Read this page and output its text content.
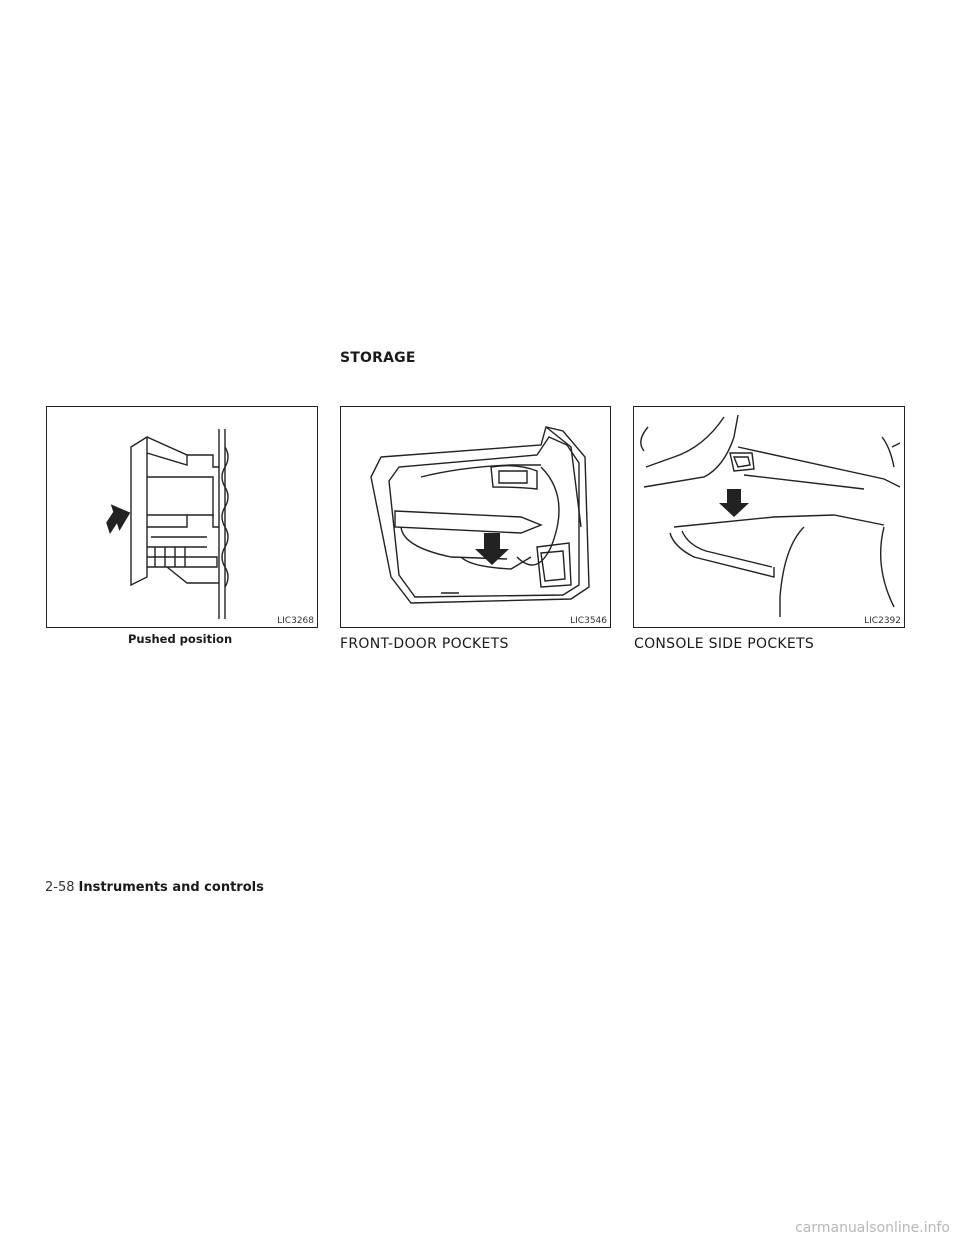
STORAGE
LIC3268
Pushed position
LIC3546
FRONT-DOOR POCKETS
LIC2392
CONSOLE SIDE POCKETS
2-58 Instruments and controls
carmanualsonline.info
